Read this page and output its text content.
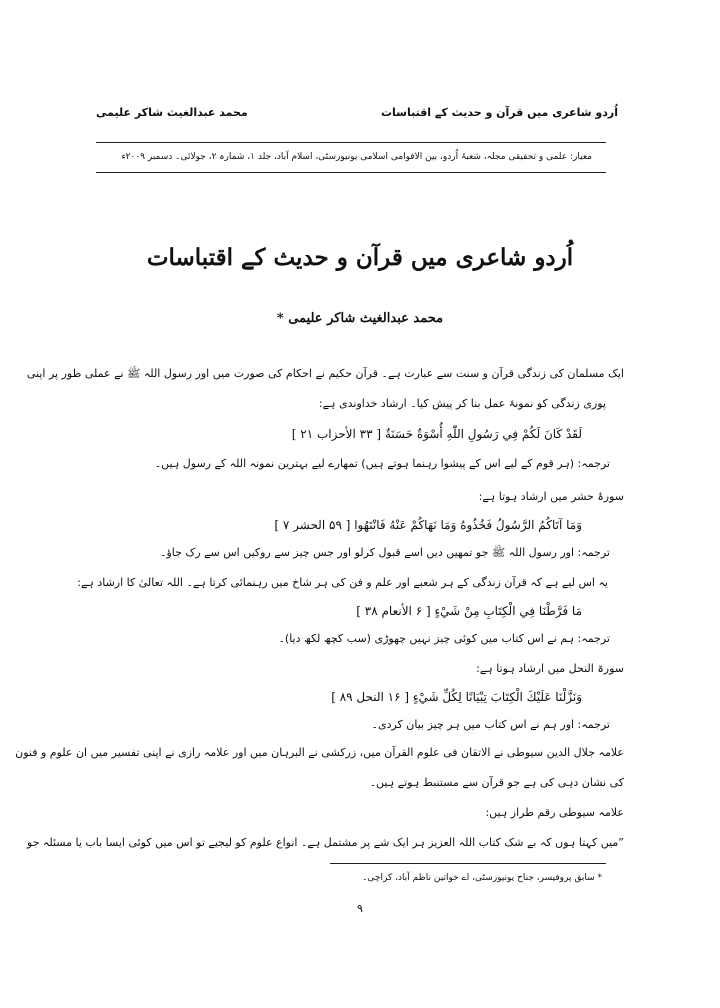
اُردو شاعری میں قرآن و حدیث کے اقتباسات
محمد عبدالغیث شاکر علیمی
معیار: علمی و تحقیقی مجلہ، شعبۂ اُردو، بین الاقوامی اسلامی یونیورسٹی، اسلام آباد، جلد ۱، شمارہ ۲، جولائی۔ دسمبر ۲۰۰۹ء
اُردو شاعری میں قرآن و حدیث کے اقتباسات
محمد عبدالغیث شاکر علیمی *
ایک مسلمان کی زندگی قرآن و سنت سے عبارت ہے۔ قرآن حکیم نے احکام کی صورت میں اور رسول اللہ ﷺ نے عملی طور پر اپنی
پوری زندگی کو نمونۂ عمل بنا کر پیش کیا۔ ارشاد خداوندی ہے:
لَقَدْ كَانَ لَكُمْ فِي رَسُولِ اللّٰهِ أُسْوَةٌ حَسَنَةٌ [ ۳۳ الأحزاب ۲۱ ]
ترجمہ: (ہر قوم کے لیے اس کے پیشوا رہنما ہوتے ہیں) تمھارے لیے بہترین نمونہ اللہ کے رسول ہیں۔
سورۂ حشر میں ارشاد ہوتا ہے:
وَمَا آتَاكُمُ الرَّسُولُ فَخُذُوهُ وَمَا نَهَاكُمْ عَنْهُ فَانْتَهُوا [ ۵۹ الحشر ۷ ]
ترجمہ: اور رسول اللہ ﷺ جو تمھیں دیں اسے قبول کرلو اور جس چیز سے روکیں اس سے رک جاؤ۔
یہ اس لیے ہے کہ قرآن زندگی کے ہر شعبے اور علم و فن کی ہر شاخ میں رہنمائی کرتا ہے۔ اللہ تعالیٰ کا ارشاد ہے:
مَا فَرَّطْنَا فِي الْكِتَابِ مِنْ شَيْءٍ [ ۶ الأنعام ۳۸ ]
ترجمہ: ہم نے اس کتاب میں کوئی چیز نہیں چھوڑی (سب کچھ لکھ دیا)۔
سورۃ النحل میں ارشاد ہوتا ہے:
وَنَزَّلْنَا عَلَيْكَ الْكِتَابَ تِبْيَانًا لِكُلِّ شَيْءٍ [ ۱۶ النحل ۸۹ ]
ترجمہ: اور ہم نے اس کتاب میں ہر چیز بیان کردی۔
علامہ جلال الدین سیوطی نے الاتقان فی علوم القرآن میں، زرکشی نے البرہان میں اور علامہ رازی نے اپنی تفسیر میں ان علوم و فنون
کی نشان دہی کی ہے جو قرآن سے مستنبط ہوتے ہیں۔
علامہ سیوطی رقم طراز ہیں:
”میں کہتا ہوں کہ بے شک کتاب اللہ العزیز ہر ایک شے پر مشتمل ہے۔ انواع علوم کو لیجیے تو اس میں کوئی ایسا باب یا مسئلہ جو
* سابق پروفیسر، جناح یونیورسٹی، اے خواتین ناظم آباد، کراچی۔
۹
